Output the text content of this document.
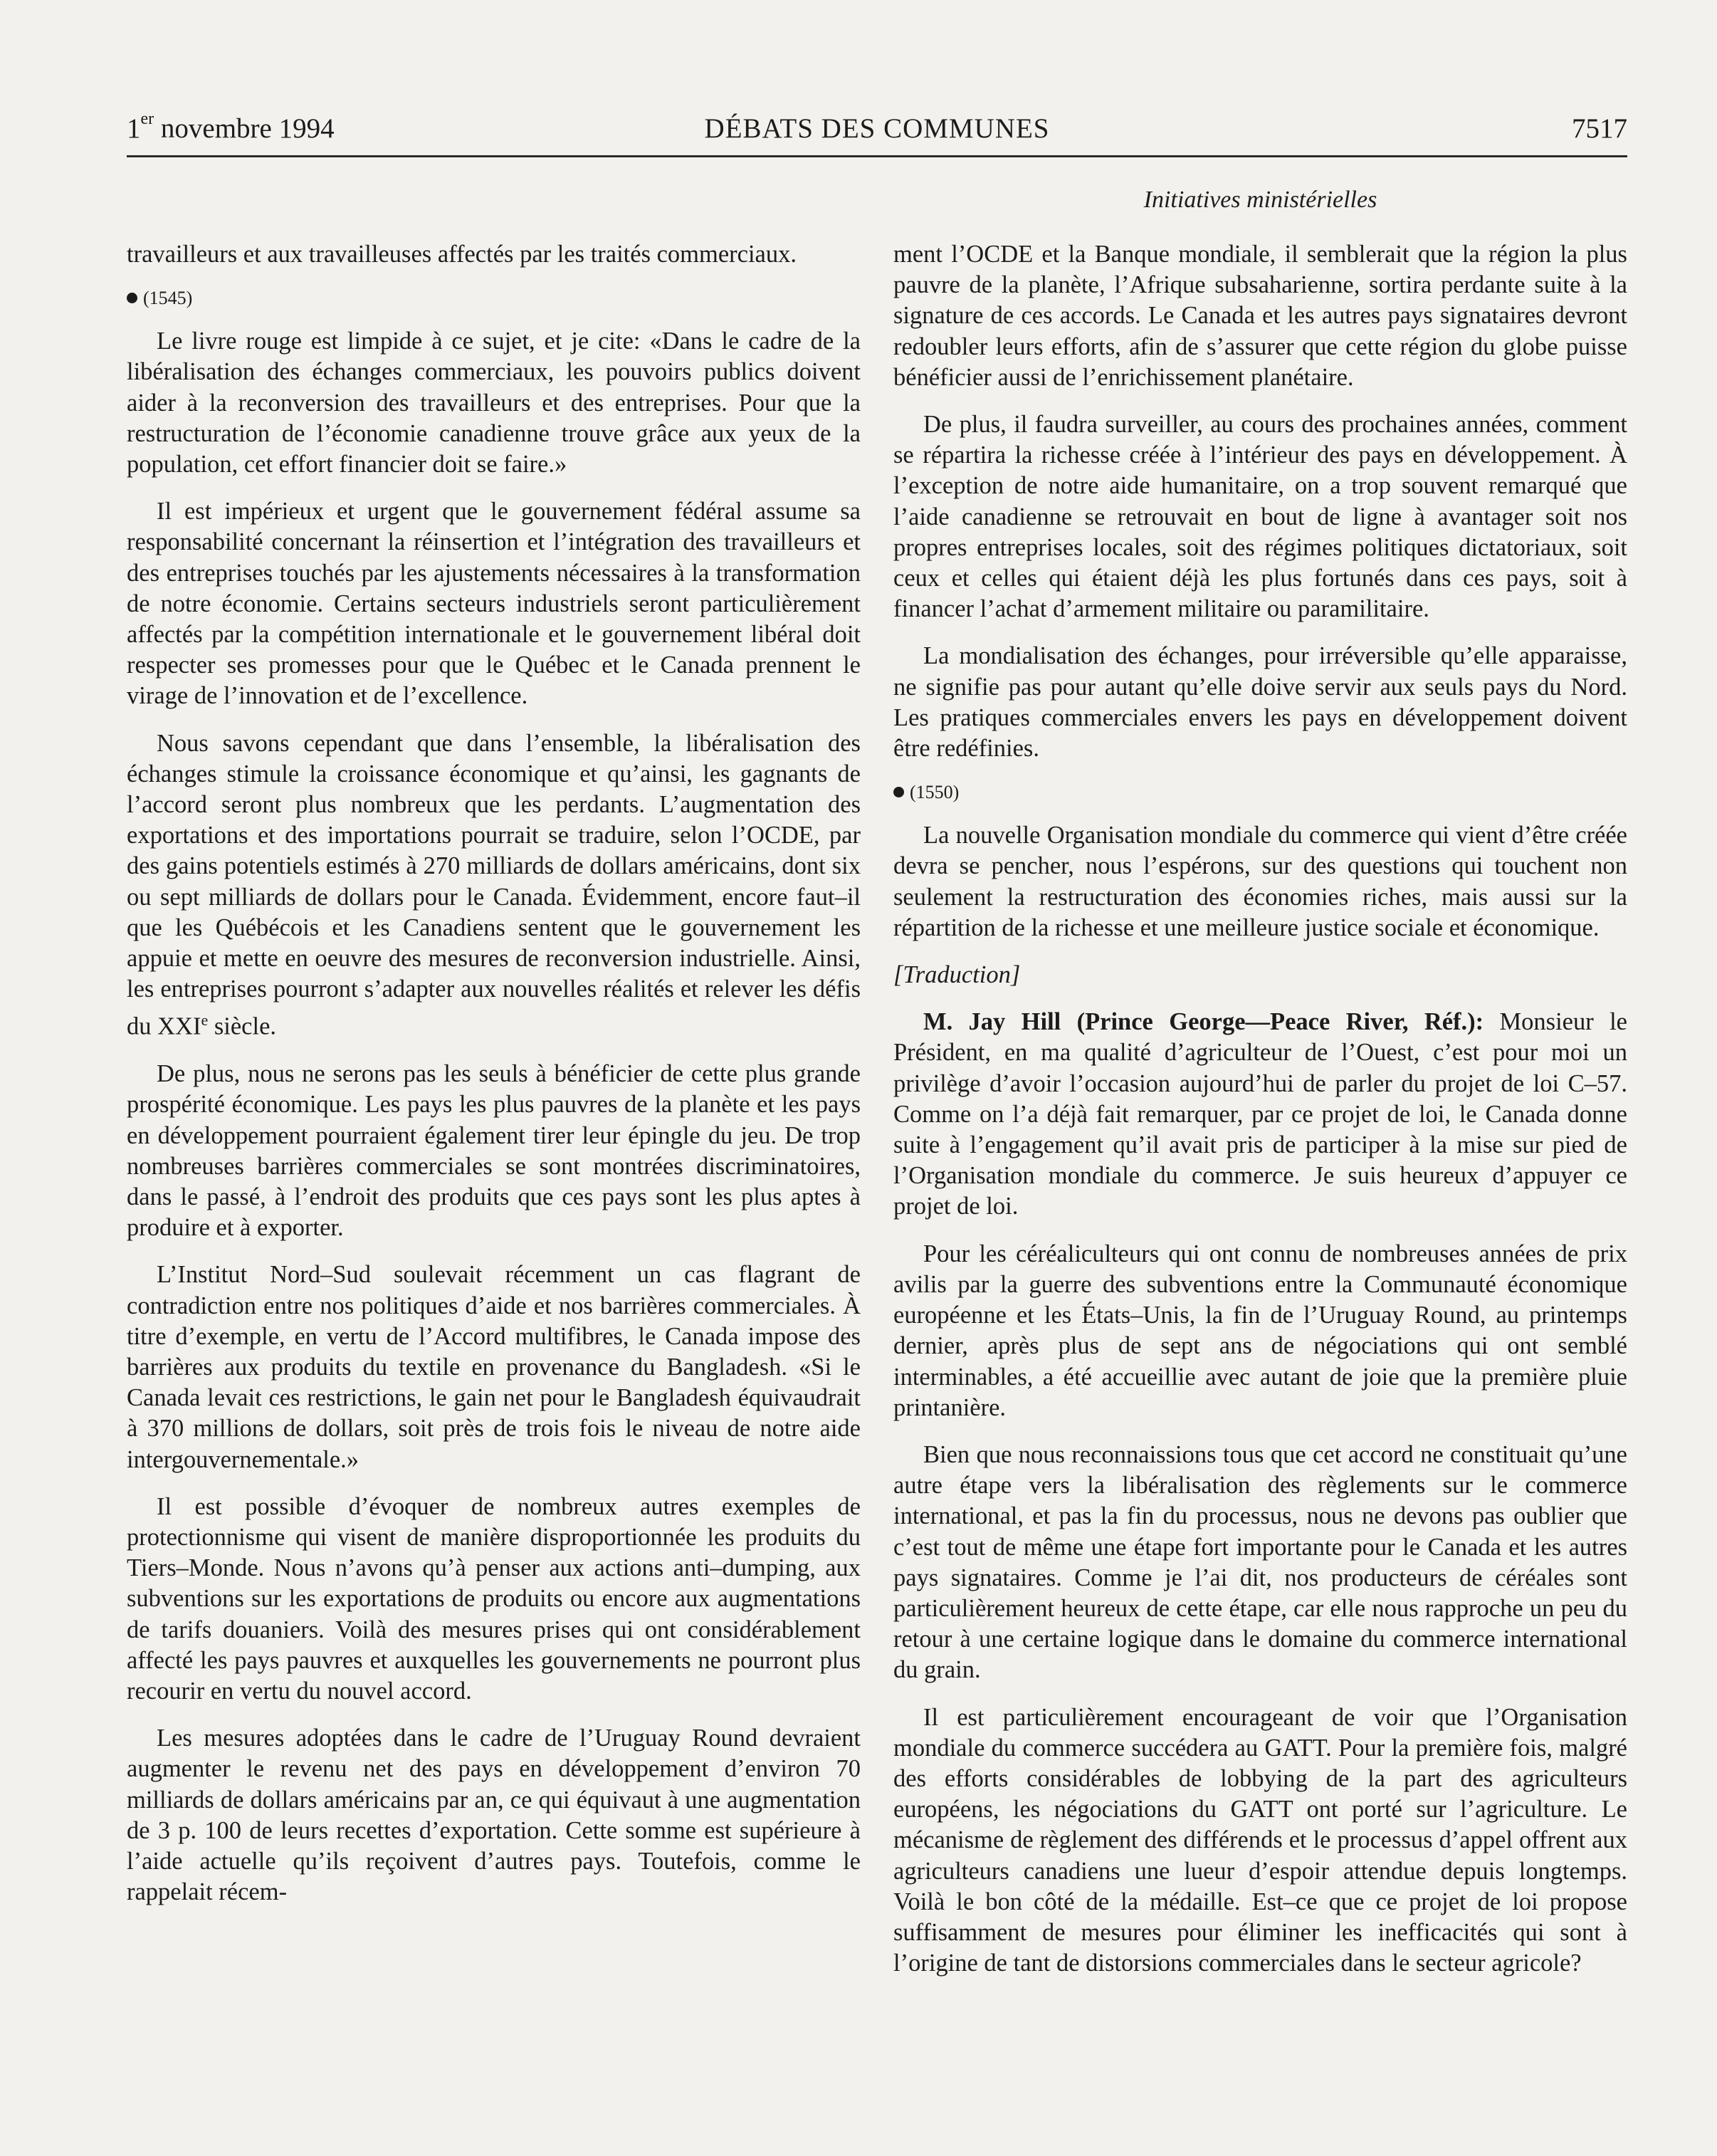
1er novembre 1994	DÉBATS DES COMMUNES	7517
Initiatives ministérielles

travailleurs et aux travailleuses affectés par les traités commerciaux.

(1545)

Le livre rouge est limpide à ce sujet, et je cite: «Dans le cadre de la libéralisation des échanges commerciaux, les pouvoirs publics doivent aider à la reconversion des travailleurs et des entreprises. Pour que la restructuration de l’économie canadienne trouve grâce aux yeux de la population, cet effort financier doit se faire.»

Il est impérieux et urgent que le gouvernement fédéral assume sa responsabilité concernant la réinsertion et l’intégration des travailleurs et des entreprises touchés par les ajustements nécessaires à la transformation de notre économie. Certains secteurs industriels seront particulièrement affectés par la compétition internationale et le gouvernement libéral doit respecter ses promesses pour que le Québec et le Canada prennent le virage de l’innovation et de l’excellence.

Nous savons cependant que dans l’ensemble, la libéralisation des échanges stimule la croissance économique et qu’ainsi, les gagnants de l’accord seront plus nombreux que les perdants. L’augmentation des exportations et des importations pourrait se traduire, selon l’OCDE, par des gains potentiels estimés à 270 milliards de dollars américains, dont six ou sept milliards de dollars pour le Canada. Évidemment, encore faut–il que les Québécois et les Canadiens sentent que le gouvernement les appuie et mette en oeuvre des mesures de reconversion industrielle. Ainsi, les entreprises pourront s’adapter aux nouvelles réalités et relever les défis du XXIe siècle.

De plus, nous ne serons pas les seuls à bénéficier de cette plus grande prospérité économique. Les pays les plus pauvres de la planète et les pays en développement pourraient également tirer leur épingle du jeu. De trop nombreuses barrières commerciales se sont montrées discriminatoires, dans le passé, à l’endroit des produits que ces pays sont les plus aptes à produire et à exporter.

L’Institut Nord–Sud soulevait récemment un cas flagrant de contradiction entre nos politiques d’aide et nos barrières commerciales. À titre d’exemple, en vertu de l’Accord multifibres, le Canada impose des barrières aux produits du textile en provenance du Bangladesh. «Si le Canada levait ces restrictions, le gain net pour le Bangladesh équivaudrait à 370 millions de dollars, soit près de trois fois le niveau de notre aide intergouvernementale.»

Il est possible d’évoquer de nombreux autres exemples de protectionnisme qui visent de manière disproportionnée les produits du Tiers–Monde. Nous n’avons qu’à penser aux actions anti–dumping, aux subventions sur les exportations de produits ou encore aux augmentations de tarifs douaniers. Voilà des mesures prises qui ont considérablement affecté les pays pauvres et auxquelles les gouvernements ne pourront plus recourir en vertu du nouvel accord.

Les mesures adoptées dans le cadre de l’Uruguay Round devraient augmenter le revenu net des pays en développement d’environ 70 milliards de dollars américains par an, ce qui équivaut à une augmentation de 3 p. 100 de leurs recettes d’exportation. Cette somme est supérieure à l’aide actuelle qu’ils reçoivent d’autres pays. Toutefois, comme le rappelait récem-

ment l’OCDE et la Banque mondiale, il semblerait que la région la plus pauvre de la planète, l’Afrique subsaharienne, sortira perdante suite à la signature de ces accords. Le Canada et les autres pays signataires devront redoubler leurs efforts, afin de s’assurer que cette région du globe puisse bénéficier aussi de l’enrichissement planétaire.

De plus, il faudra surveiller, au cours des prochaines années, comment se répartira la richesse créée à l’intérieur des pays en développement. À l’exception de notre aide humanitaire, on a trop souvent remarqué que l’aide canadienne se retrouvait en bout de ligne à avantager soit nos propres entreprises locales, soit des régimes politiques dictatoriaux, soit ceux et celles qui étaient déjà les plus fortunés dans ces pays, soit à financer l’achat d’armement militaire ou paramilitaire.

La mondialisation des échanges, pour irréversible qu’elle apparaisse, ne signifie pas pour autant qu’elle doive servir aux seuls pays du Nord. Les pratiques commerciales envers les pays en développement doivent être redéfinies.

(1550)

La nouvelle Organisation mondiale du commerce qui vient d’être créée devra se pencher, nous l’espérons, sur des questions qui touchent non seulement la restructuration des économies riches, mais aussi sur la répartition de la richesse et une meilleure justice sociale et économique.

[Traduction]

M. Jay Hill (Prince George—Peace River, Réf.): Monsieur le Président, en ma qualité d’agriculteur de l’Ouest, c’est pour moi un privilège d’avoir l’occasion aujourd’hui de parler du projet de loi C–57. Comme on l’a déjà fait remarquer, par ce projet de loi, le Canada donne suite à l’engagement qu’il avait pris de participer à la mise sur pied de l’Organisation mondiale du commerce. Je suis heureux d’appuyer ce projet de loi.

Pour les céréaliculteurs qui ont connu de nombreuses années de prix avilis par la guerre des subventions entre la Communauté économique européenne et les États–Unis, la fin de l’Uruguay Round, au printemps dernier, après plus de sept ans de négociations qui ont semblé interminables, a été accueillie avec autant de joie que la première pluie printanière.

Bien que nous reconnaissions tous que cet accord ne constituait qu’une autre étape vers la libéralisation des règlements sur le commerce international, et pas la fin du processus, nous ne devons pas oublier que c’est tout de même une étape fort importante pour le Canada et les autres pays signataires. Comme je l’ai dit, nos producteurs de céréales sont particulièrement heureux de cette étape, car elle nous rapproche un peu du retour à une certaine logique dans le domaine du commerce international du grain.

Il est particulièrement encourageant de voir que l’Organisation mondiale du commerce succédera au GATT. Pour la première fois, malgré des efforts considérables de lobbying de la part des agriculteurs européens, les négociations du GATT ont porté sur l’agriculture. Le mécanisme de règlement des différends et le processus d’appel offrent aux agriculteurs canadiens une lueur d’espoir attendue depuis longtemps. Voilà le bon côté de la médaille. Est–ce que ce projet de loi propose suffisamment de mesures pour éliminer les inefficacités qui sont à l’origine de tant de distorsions commerciales dans le secteur agricole?
